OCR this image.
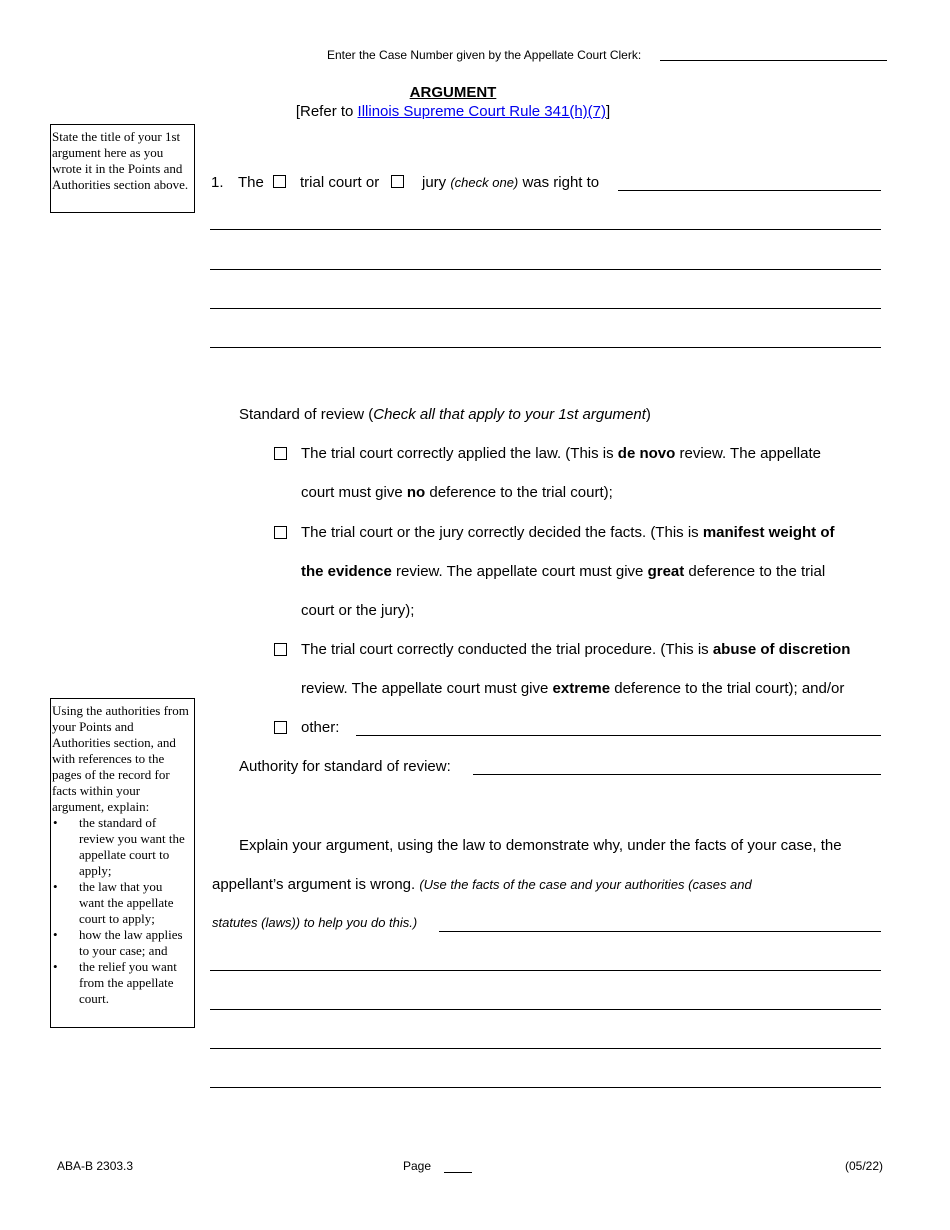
Enter the Case Number given by the Appellate Court Clerk:
ARGUMENT
[Refer to Illinois Supreme Court Rule 341(h)(7)]
State the title of your 1st argument here as you wrote it in the Points and Authorities section above.	1. The trial court or	jury (check one) was right to
Standard of review (Check all that apply to your 1st argument)
The trial court correctly applied the law. (This is de novo review. The appellate
court must give no deference to the trial court);
The trial court or the jury correctly decided the facts. (This is manifest weight of
the evidence review. The appellate court must give great deference to the trial
court or the jury);
The trial court correctly conducted the trial procedure. (This is abuse of discretion
review. The appellate court must give extreme deference to the trial court); and/or
other:
Authority for standard of review:
Using the authorities from your Points and Authorities section, and with references to the pages of the record for facts within your argument, explain:
• the standard of review you want the appellate court to apply;
• the law that you want the appellate court to apply;
• how the law applies to your case; and
• the relief you want from the appellate court.
Explain your argument, using the law to demonstrate why, under the facts of your case, the
appellant’s argument is wrong. (Use the facts of the case and your authorities (cases and
statutes (laws)) to help you do this.)
ABA-B 2303.3	Page	(05/22)
